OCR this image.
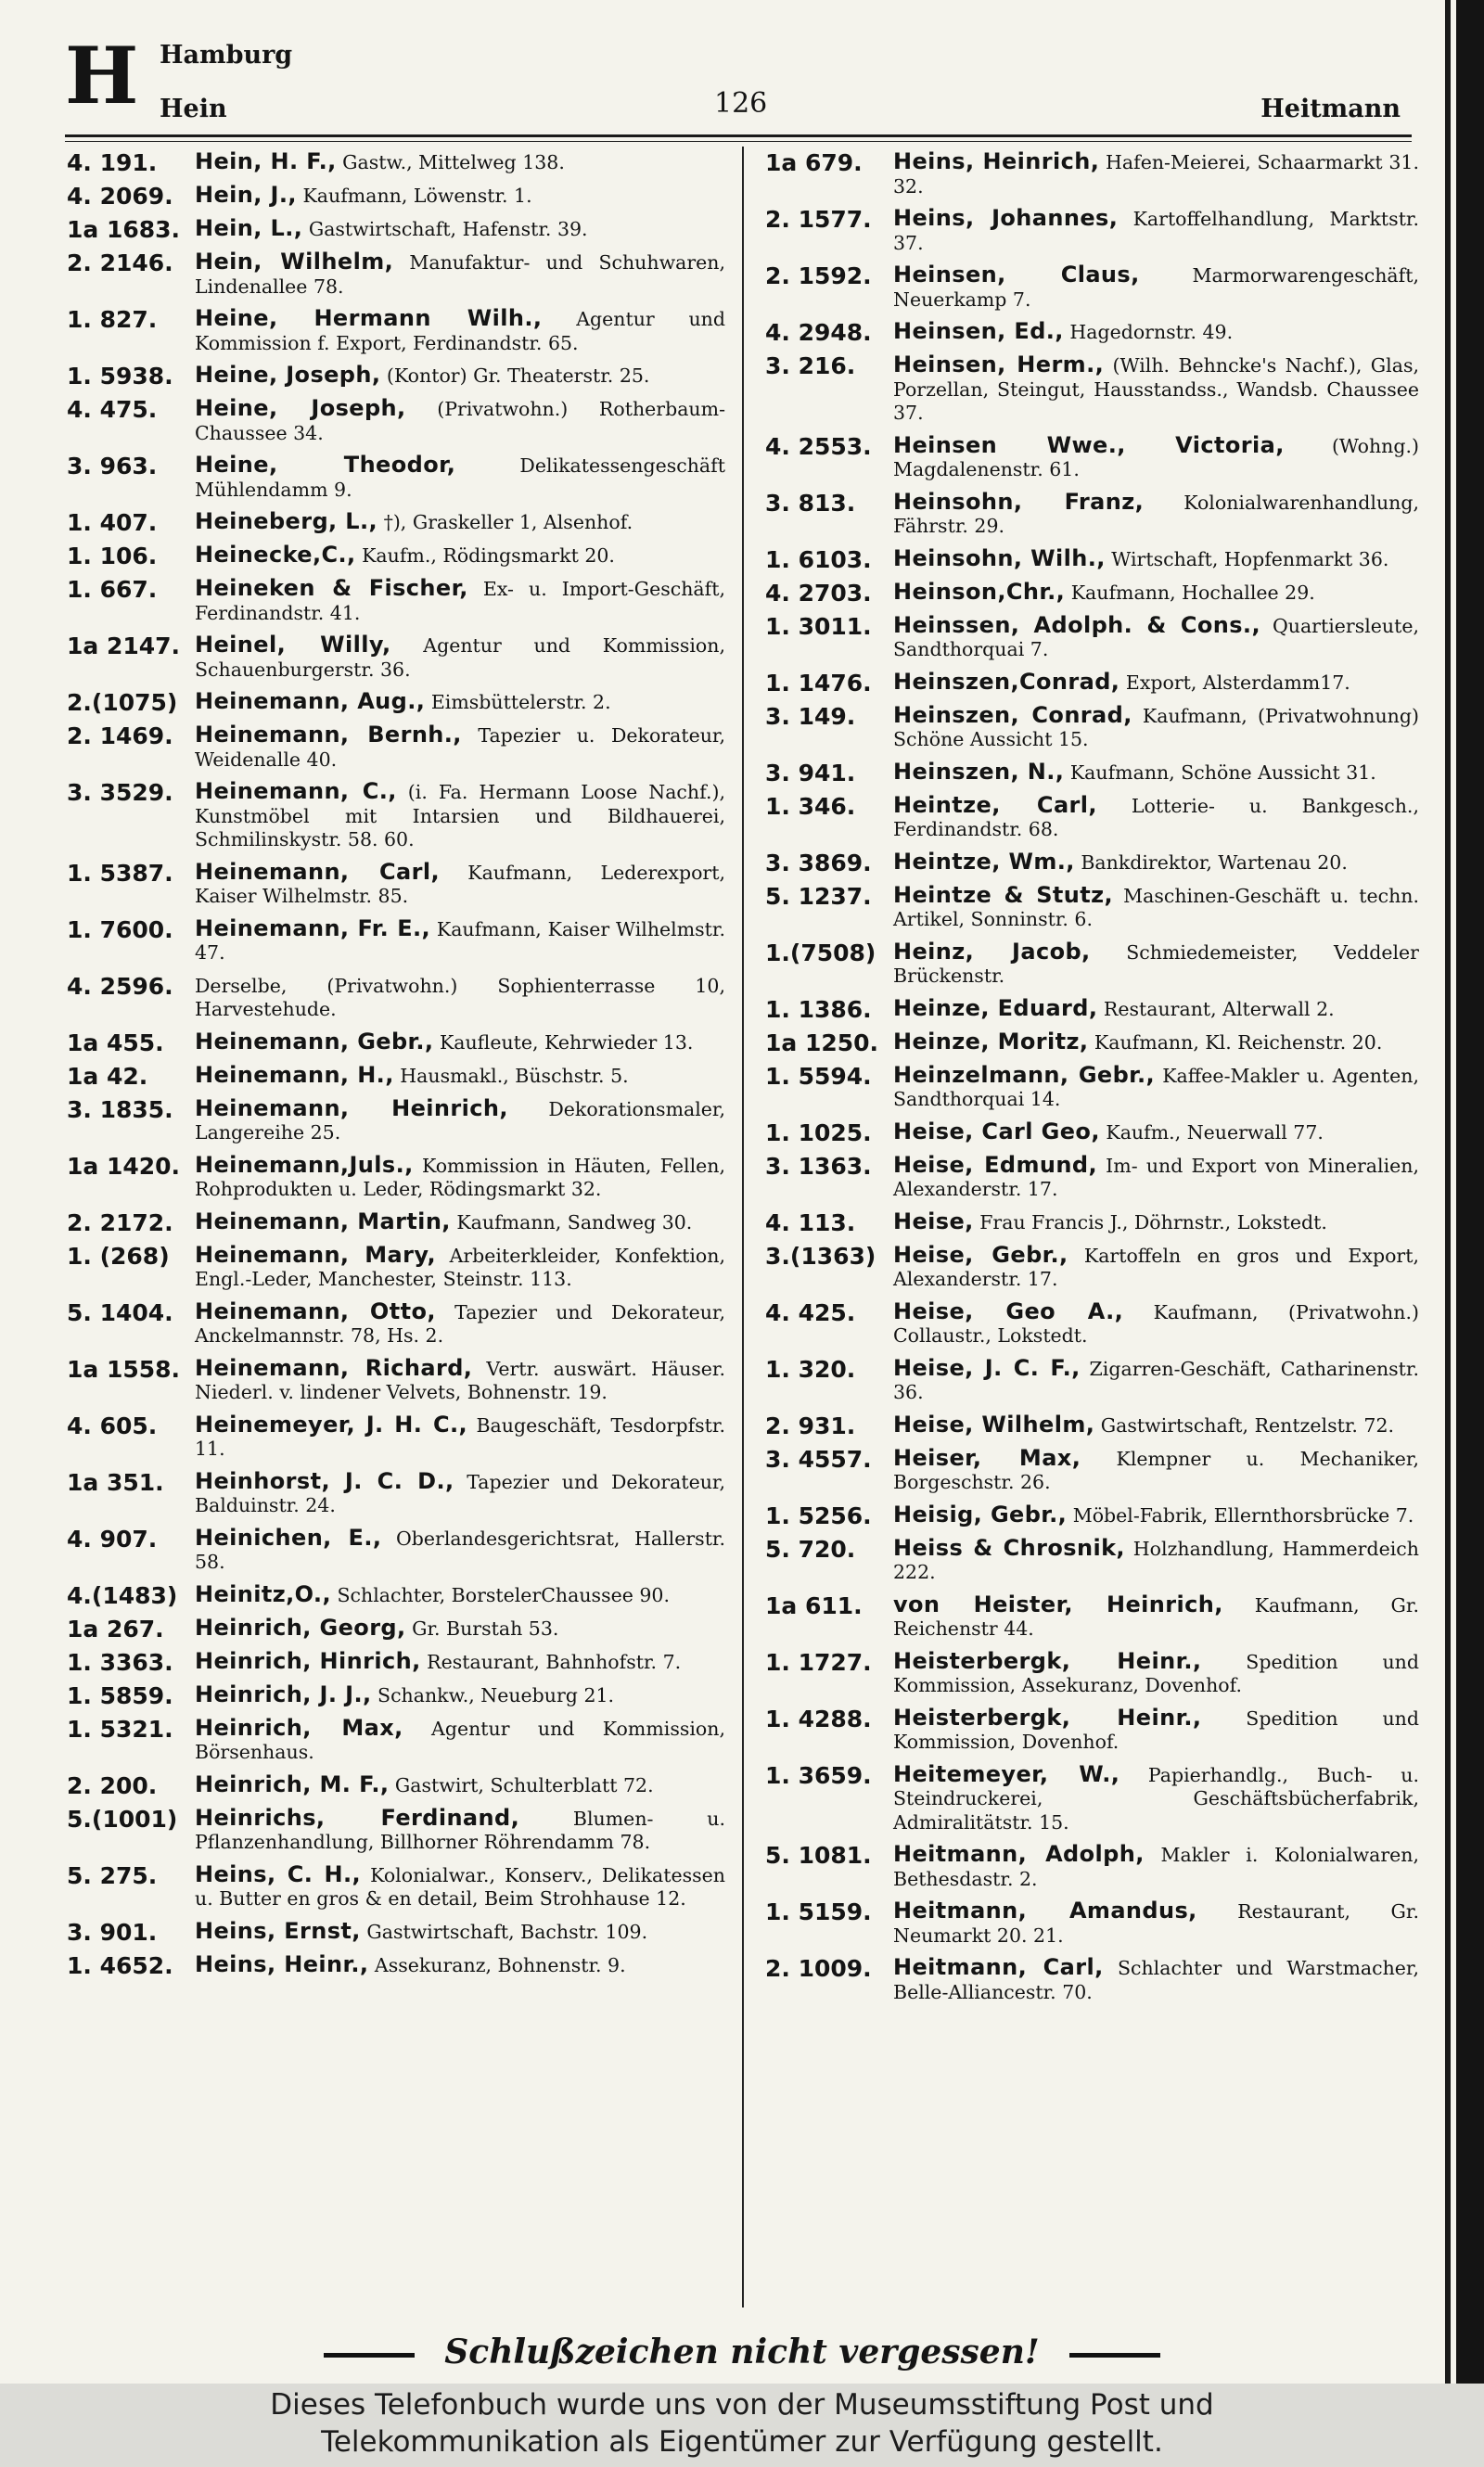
H Hamburg
Hein	126	Heitmann
4. 191.	Hein, H. F., Gastw., Mittelweg 138.
4. 2069. Hein, J., Kaufmann, Löwenstr. 1.
1a 1683. Hein, L., Gastwirtschaft, Hafenstr. 39.
2. 2146. Hein, Wilhelm, Manufaktur- und Schuhwaren, Lindenallee 78.
1. 827.	Heine, Hermann Wilh., Agentur und Kommission f. Export, Ferdinandstr. 65.
1. 5938. Heine, Joseph, (Kontor) Gr. Theaterstr. 25.
4. 475.	Heine, Joseph, (Privatwohn.) Rotherbaum-Chaussee 34.
3. 963.	Heine, Theodor,	Delikatessengeschäft Mühlendamm 9.
1. 407.	Heineberg, L., †), Graskeller 1, Alsenhof.
1. 106.	Heinecke,C., Kaufm., Rödingsmarkt 20.
1. 667.	Heineken & Fischer, Ex- u. Import-Geschäft, Ferdinandstr. 41.
1a 2147. Heinel, Willy, Agentur und Kommission, Schauenburgerstr. 36.
2.(1075) Heinemann, Aug., Eimsbüttelerstr. 2.
2. 1469. Heinemann, Bernh., Tapezier u. Dekorateur, Weidenalle 40.
3. 3529. Heinemann, C., (i. Fa. Hermann Loose Nachf.), Kunstmöbel mit Intarsien und Bildhauerei, Schmilinskystr. 58. 60.
1. 5387. Heinemann, Carl, Kaufmann, Lederexport, Kaiser Wilhelmstr. 85.
1. 7600. Heinemann, Fr. E., Kaufmann, Kaiser Wilhelmstr. 47.
4. 2596.	Derselbe, (Privatwohn.) Sophienterrasse 10, Harvestehude.
1a 455.	Heinemann, Gebr., Kaufleute, Kehrwieder 13.
1a 42.	Heinemann, H., Hausmakl., Büschstr. 5.
3. 1835. Heinemann, Heinrich, Dekorationsmaler, Langereihe 25.
1a 1420. Heinemann,Juls., Kommission in Häuten, Fellen, Rohprodukten u. Leder, Rödingsmarkt 32.
2. 2172. Heinemann, Martin, Kaufmann, Sandweg 30.
1. (268)	Heinemann, Mary, Arbeiterkleider, Konfektion, Engl.-Leder, Manchester, Steinstr. 113.
5. 1404. Heinemann, Otto, Tapezier und Dekorateur, Anckelmannstr. 78, Hs. 2.
1a 1558. Heinemann, Richard, Vertr. auswärt. Häuser. Niederl. v. lindener Velvets, Bohnenstr. 19.
4. 605.	Heinemeyer, J. H. C., Baugeschäft, Tesdorpfstr. 11.
1a 351.	Heinhorst, J. C. D., Tapezier und Dekorateur, Balduinstr. 24.
4. 907.	Heinichen, E., Oberlandesgerichtsrat, Hallerstr. 58.
4.(1483) Heinitz,O., Schlachter, BorstelerChaussee 90.
1a 267.	Heinrich, Georg, Gr. Burstah 53.
1. 3363. Heinrich, Hinrich, Restaurant, Bahnhofstr. 7.
1. 5859. Heinrich, J. J., Schankw., Neueburg 21.
1. 5321. Heinrich, Max, Agentur und Kommission, Börsenhaus.
2. 200.	Heinrich, M. F., Gastwirt, Schulterblatt 72.
5.(1001) Heinrichs, Ferdinand,	Blumen- u. Pflanzenhandlung, Billhorner Röhrendamm 78.
5. 275.	Heins, C. H., Kolonialwar., Konserv., Delikatessen u. Butter en gros & en detail, Beim Strohhause 12.
3. 901.	Heins, Ernst, Gastwirtschaft, Bachstr. 109.
1. 4652. Heins, Heinr., Assekuranz, Bohnenstr. 9.
1a 679.	Heins, Heinrich, Hafen-Meierei, Schaarmarkt 31. 32.
2. 1577. Heins, Johannes, Kartoffelhandlung, Marktstr. 37.
2. 1592. Heinsen, Claus,	Marmorwarengeschäft, Neuerkamp 7.
4. 2948. Heinsen, Ed., Hagedornstr. 49.
3. 216.	Heinsen, Herm., (Wilh. Behncke's Nachf.), Glas, Porzellan, Steingut, Hausstandss., Wandsb. Chaussee 37.
4. 2553. Heinsen Wwe., Victoria, (Wohng.) Magdalenenstr. 61.
3. 813.	Heinsohn, Franz, Kolonialwarenhandlung, Fährstr. 29.
1. 6103. Heinsohn, Wilh., Wirtschaft, Hopfenmarkt 36.
4. 2703. Heinson,Chr., Kaufmann, Hochallee 29.
1. 3011. Heinssen, Adolph. & Cons., Quartiersleute, Sandthorquai 7.
1. 1476. Heinszen,Conrad, Export, Alsterdamm17.
3. 149.	Heinszen, Conrad, Kaufmann, (Privatwohnung) Schöne Aussicht 15.
3. 941.	Heinszen, N., Kaufmann, Schöne Aussicht 31.
1. 346.	Heintze, Carl, Lotterie- u. Bankgesch., Ferdinandstr. 68.
3. 3869. Heintze, Wm., Bankdirektor, Wartenau 20.
5. 1237. Heintze & Stutz, Maschinen-Geschäft u. techn. Artikel, Sonninstr. 6.
1.(7508) Heinz, Jacob, Schmiedemeister, Veddeler Brückenstr.
1. 1386. Heinze, Eduard, Restaurant, Alterwall 2.
1a 1250. Heinze, Moritz, Kaufmann, Kl. Reichenstr. 20.
1. 5594. Heinzelmann, Gebr., Kaffee-Makler u. Agenten, Sandthorquai 14.
1. 1025. Heise, Carl Geo, Kaufm., Neuerwall 77.
3. 1363. Heise, Edmund, Im- und Export von Mineralien, Alexanderstr. 17.
4. 113.	Heise, Frau Francis J., Döhrnstr., Lokstedt.
3.(1363) Heise, Gebr., Kartoffeln en gros und Export, Alexanderstr. 17.
4. 425.	Heise, Geo A., Kaufmann, (Privatwohn.) Collaustr., Lokstedt.
1. 320.	Heise, J. C. F., Zigarren-Geschäft, Catharinenstr. 36.
2. 931.	Heise, Wilhelm, Gastwirtschaft, Rentzelstr. 72.
3. 4557. Heiser, Max, Klempner u. Mechaniker, Borgeschstr. 26.
1. 5256. Heisig, Gebr., Möbel-Fabrik, Ellernthorsbrücke 7.
5. 720.	Heiss & Chrosnik, Holzhandlung, Hammerdeich 222.
1a 611.	von Heister, Heinrich, Kaufmann, Gr. Reichenstr 44.
1. 1727. Heisterbergk, Heinr., Spedition und Kommission, Assekuranz, Dovenhof.
1. 4288. Heisterbergk, Heinr., Spedition und Kommission, Dovenhof.
1. 3659. Heitemeyer, W., Papierhandlg., Buch- u. Steindruckerei, Geschäftsbücherfabrik, Admiralitätstr. 15.
5. 1081. Heitmann, Adolph, Makler i. Kolonialwaren, Bethesdastr. 2.
1. 5159. Heitmann, Amandus, Restaurant, Gr. Neumarkt 20. 21.
2. 1009. Heitmann, Carl, Schlachter und Warstmacher, Belle-Alliancestr. 70.
Schlußzeichen nicht vergessen!
Dieses Telefonbuch wurde uns von der Museumsstiftung Post und
Telekommunikation als Eigentümer zur Verfügung gestellt.
